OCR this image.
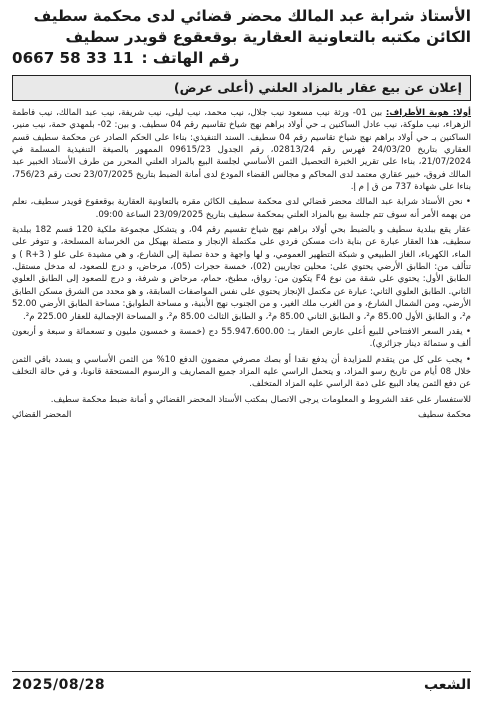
الأستاذ شرابة عبد المالك محضر قضائي لدى محكمة سطيف
الكائن مكتبه بالتعاونية العقارية بوقعقوع قويدر سطيف
رقم الهاتف :
0667 58 33 11
إعلان عن بيع عقار بالمزاد العلني (أعلى عرض)

أولا: هوية الأطراف: بين 01- ورثة نيب مسعود نيب جلال، نيب محمد، نيب ليلى، نيب شريفة، نيب عبد المالك، نيب فاطمة الزهراء، نيب ملوكة، نيب عادل الساكنين بـ حي أولاد براهم نهج شياخ تقاسيم رقم 04 سطيف. و بين: 02- بلمهدي حمة، نيب منير، الساكنين بـ حي أولاد براهم نهج شياخ تقاسيم رقم 04 سطيف. السند التنفيذي: بناءا على الحكم الصادر عن محكمة سطيف قسم العقاري بتاريخ 24/03/20 فهرس رقم 02813/24، رقم الجدول 09615/23 الممهور بالصيغة التنفيذية المسلمة في 21/07/2024، بناءا على تقرير الخبرة التحصيل الثمن الأساسي لجلسة البيع بالمزاد العلني المحرر من طرف الأستاذ الخبير عبد المالك فروق، خبير عقاري معتمد لدى المحاكم و مجالس القضاء المودع لدى أمانة الضبط بتاريخ 23/07/2025 تحت رقم 756/23، بناءا على شهادة 737 من ق إ م إ.

• نحن الأستاذ شرابة عبد المالك محضر قضائي لدى محكمة سطيف الكائن مقره بالتعاونية العقارية بوقعقوع قويدر سطيف، نعلم من يهمه الأمر أنه سوف تتم جلسة بيع بالمزاد العلني بمحكمة سطيف بتاريخ 23/09/2025 الساعة 09:00.

عقار يقع ببلدية سطيف و بالضبط بحي أولاد براهم نهج شياخ تقسيم رقم 04، و يتشكل مجموعة ملكية 120 قسم 182 ببلدية سطيف، هذا العقار عبارة عن بناية ذات مسكن فردي على مكتملة الإنجاز و متصلة بهيكل من الخرسانة المسلحة، و تتوفر على الماء، الكهرباء، الغاز الطبيعي و شبكة التطهير العمومي، و لها واجهة و حدة تصلية إلى الشارع، و هي مشيدة على علو ( R+3 ) و تتألف من: الطابق الأرضي يحتوي على: محلين تجاريين (02)، خمسة حجرات (05)، مرحاض، و درج للصعود، له مدخل مستقل. الطابق الأول: يحتوي على شقة من نوع F4 يتكون من: رواق، مطبخ، حمام، مرحاض و شرفة، و درج للصعود إلى الطابق العلوي الثاني. الطابق العلوي الثاني: عبارة عن مكتمل الإنجاز يحتوي على نفس المواصفات السابقة، و هو محدد من الشرق مسكن الطابق الأرضي، ومن الشمال الشارع، و من الغرب ملك الغير، و من الجنوب نهج الأبنية، و مساحة الطوابق: مساحة الطابق الأرضي 52.00 م²، و الطابق الأول 85.00 م²، و الطابق الثاني 85.00 م²، و الطابق الثالث 85.00 م²، و المساحة الإجمالية للعقار 225.00 م².

• يقدر السعر الافتتاحي للبيع أعلى عارض العقار بـ: 55.947.600.00 دج (خمسة و خمسون مليون و تسعمائة و سبعة و أربعون ألف و ستمائة دينار جزائري).

• يجب على كل من يتقدم للمزايدة أن يدفع نقدا أو بصك مصرفي مضمون الدفع 10% من الثمن الأساسي و يسدد باقي الثمن خلال 08 أيام من تاريخ رسو المزاد، و يتحمل الراسي عليه المزاد جميع المصاريف و الرسوم المستحقة قانونا، و في حالة التخلف عن دفع الثمن يعاد البيع على ذمة الراسي عليه المزاد المتخلف.

للاستفسار على عقد الشروط و المعلومات يرجى الاتصال بمكتب الأستاذ المحضر القضائي و أمانة ضبط محكمة سطيف.

محكمة سطيف
المحضر القضائي
الشعب
2025/08/28
